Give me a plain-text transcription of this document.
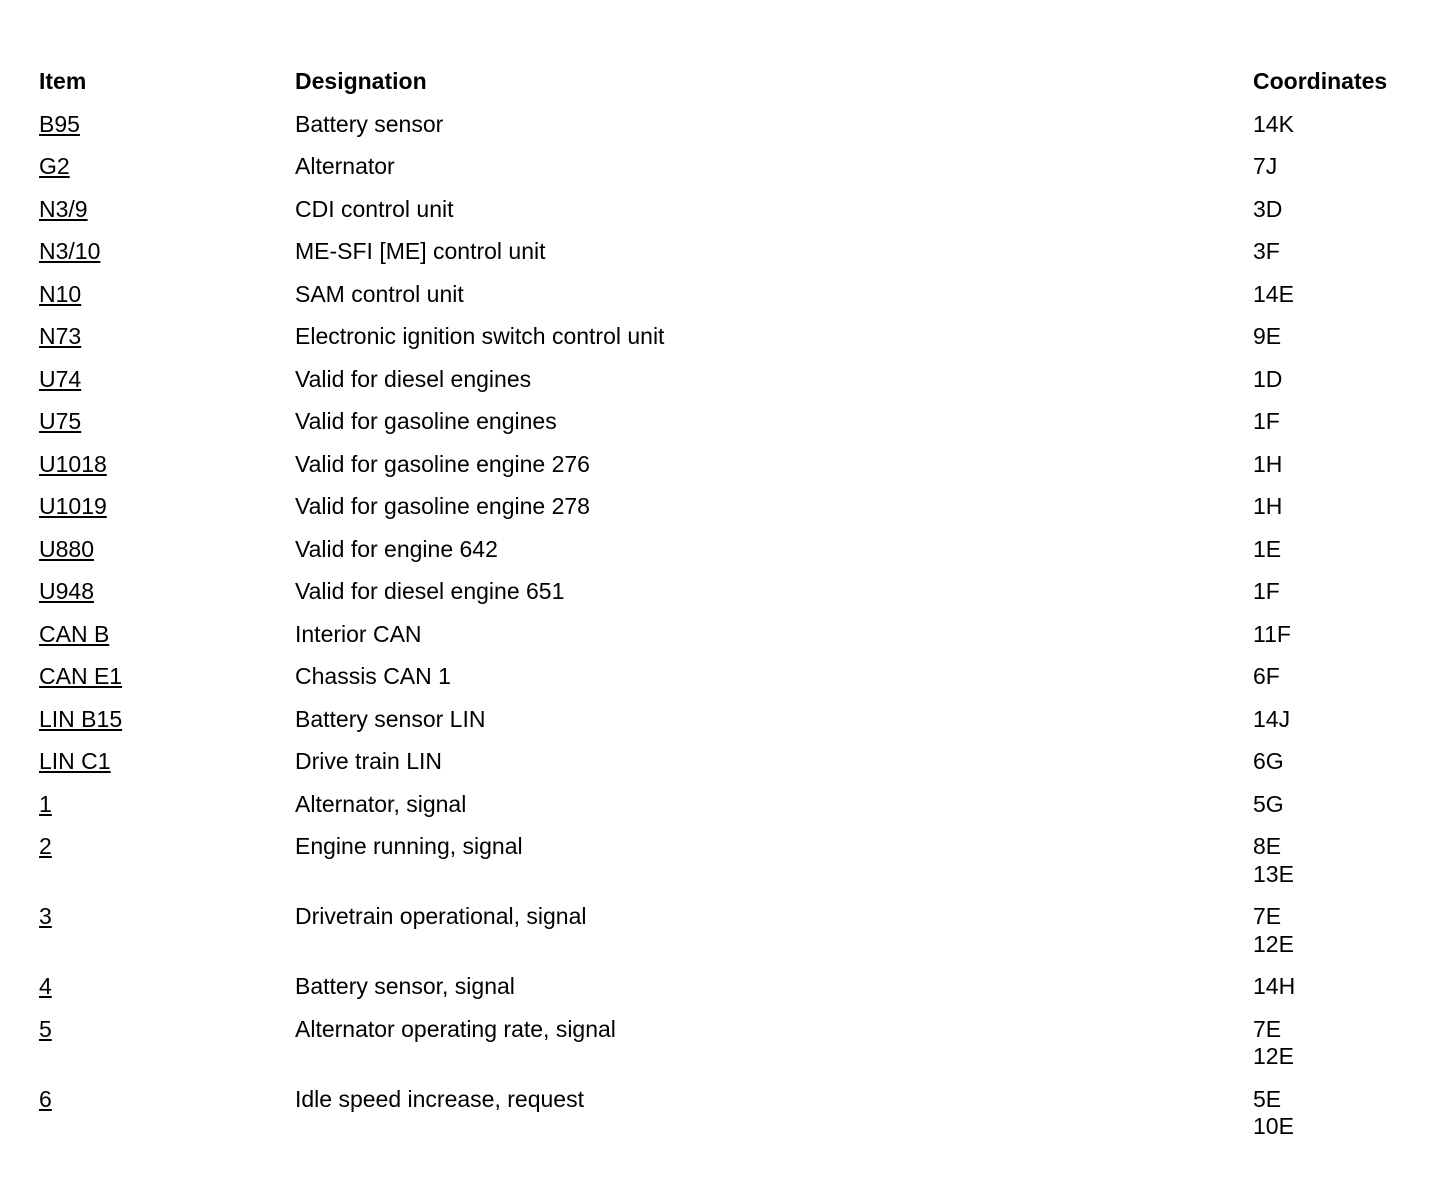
Item	Designation	Coordinates
B95	Battery sensor	14K
G2	Alternator	7J
N3/9	CDI control unit	3D
N3/10	ME-SFI [ME] control unit	3F
N10	SAM control unit	14E
N73	Electronic ignition switch control unit	9E
U74	Valid for diesel engines	1D
U75	Valid for gasoline engines	1F
U1018	Valid for gasoline engine 276	1H
U1019	Valid for gasoline engine 278	1H
U880	Valid for engine 642	1E
U948	Valid for diesel engine 651	1F
CAN B	Interior CAN	11F
CAN E1	Chassis CAN 1	6F
LIN B15	Battery sensor LIN	14J
LIN C1	Drive train LIN	6G
1	Alternator, signal	5G
2	Engine running, signal	8E
13E
3	Drivetrain operational, signal	7E
12E
4	Battery sensor, signal	14H
5	Alternator operating rate, signal	7E
12E
6	Idle speed increase, request	5E
10E
